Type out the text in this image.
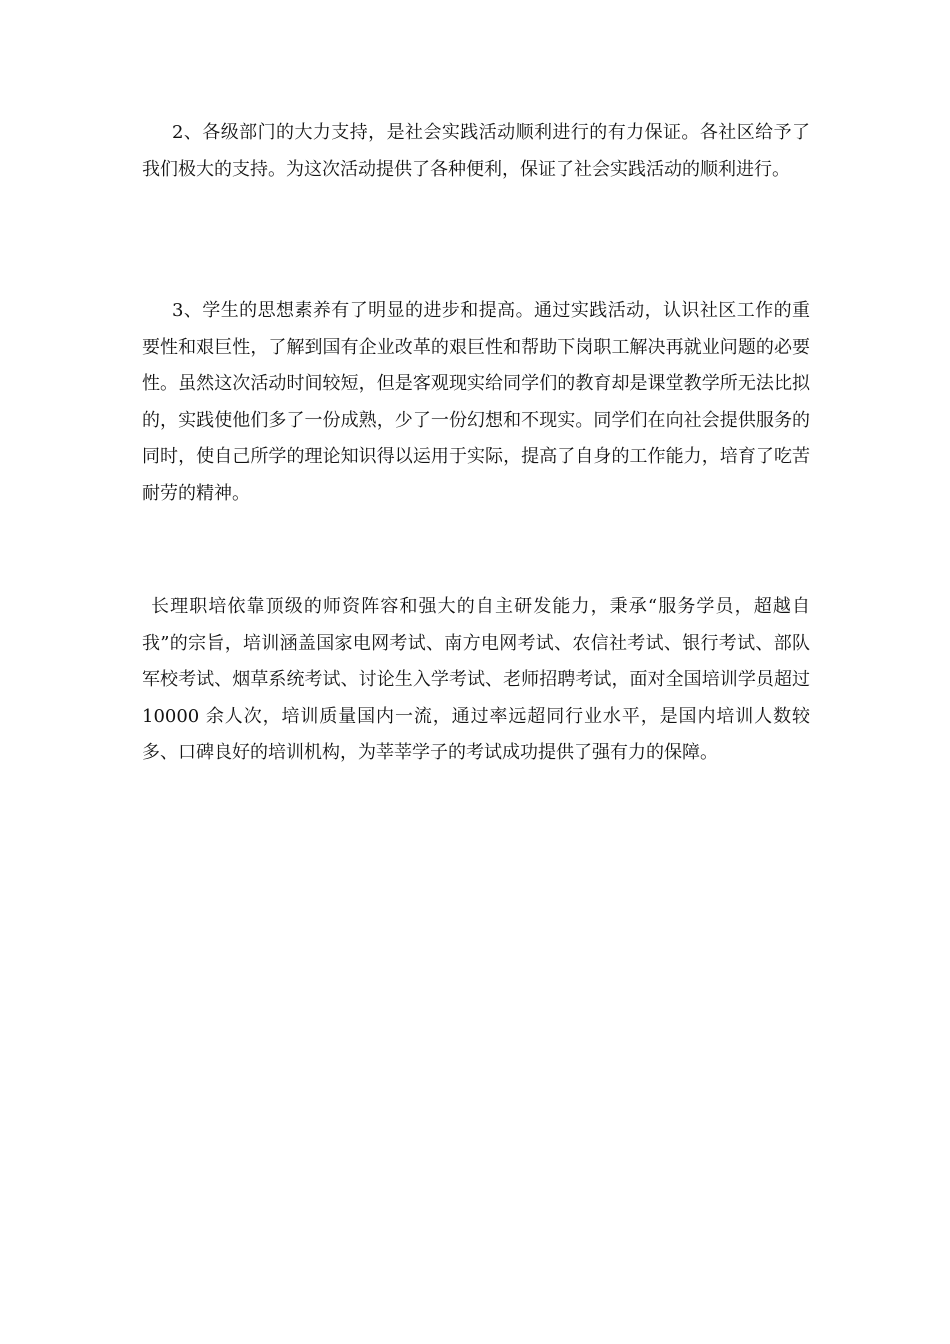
2、各级部门的大力支持，是社会实践活动顺利进行的有力保证。各社区给予了我们极大的支持。为这次活动提供了各种便利，保证了社会实践活动的顺利进行。

3、学生的思想素养有了明显的进步和提高。通过实践活动，认识社区工作的重要性和艰巨性，了解到国有企业改革的艰巨性和帮助下岗职工解决再就业问题的必要性。虽然这次活动时间较短，但是客观现实给同学们的教育却是课堂教学所无法比拟的，实践使他们多了一份成熟，少了一份幻想和不现实。同学们在向社会提供服务的同时，使自己所学的理论知识得以运用于实际，提高了自身的工作能力，培育了吃苦耐劳的精神。

长理职培依靠顶级的师资阵容和强大的自主研发能力，秉承“服务学员，超越自我”的宗旨，培训涵盖国家电网考试、南方电网考试、农信社考试、银行考试、部队军校考试、烟草系统考试、讨论生入学考试、老师招聘考试，面对全国培训学员超过 10000 余人次，培训质量国内一流，通过率远超同行业水平，是国内培训人数较多、口碑良好的培训机构，为莘莘学子的考试成功提供了强有力的保障。
